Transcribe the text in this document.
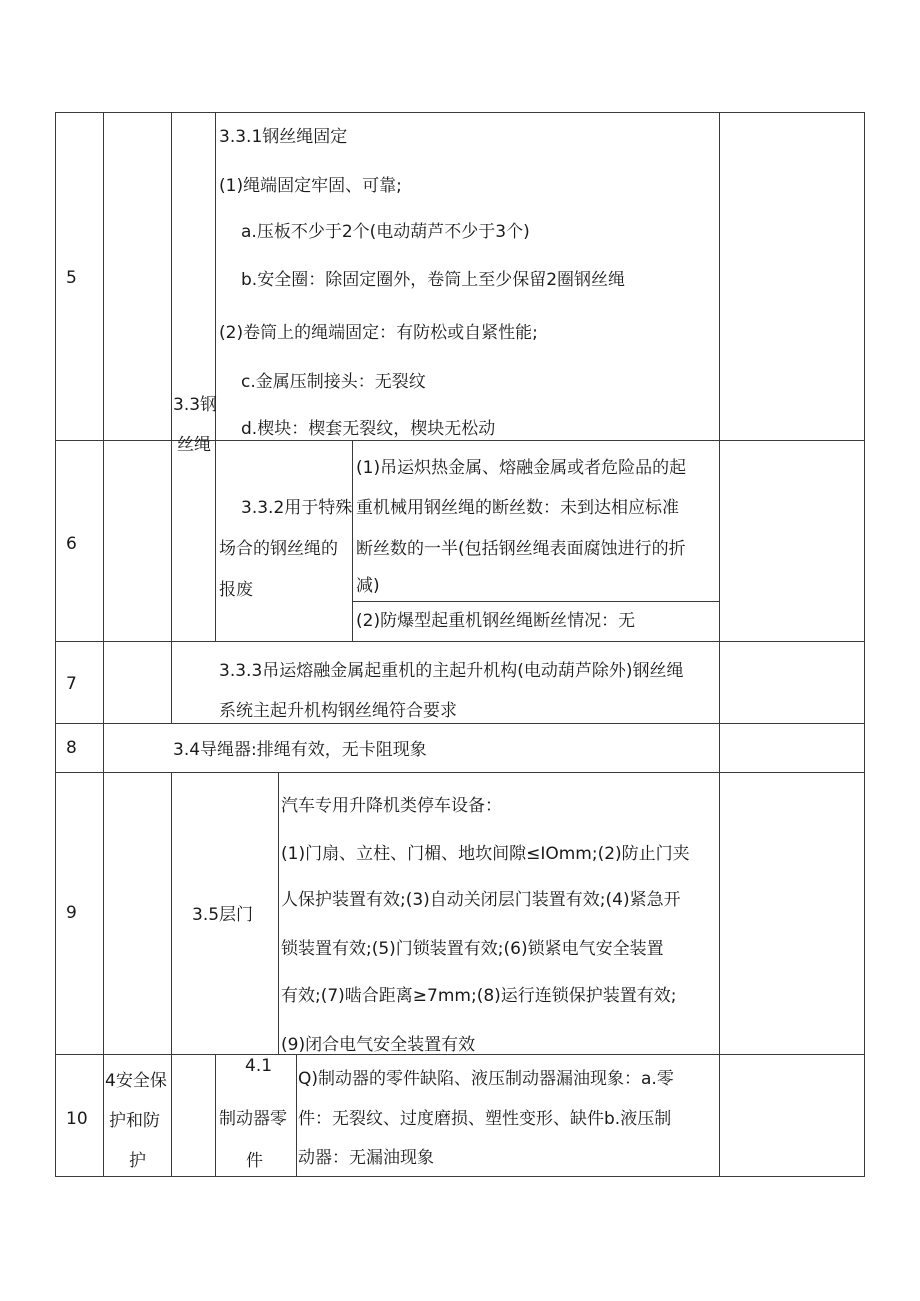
5
6
7
8
9
10
3.3钢
丝绳
3.3.1钢丝绳固定
(1)绳端固定牢固、可靠;
a.压板不少于2个(电动葫芦不少于3个)
b.安全圈：除固定圈外，卷筒上至少保留2圈钢丝绳
(2)卷筒上的绳端固定：有防松或自紧性能;
c.金属压制接头：无裂纹
d.楔块：楔套无裂纹，楔块无松动
3.3.2用于特殊
场合的钢丝绳的
报废
(1)吊运炽热金属、熔融金属或者危险品的起
重机械用钢丝绳的断丝数：未到达相应标准
断丝数的一半(包括钢丝绳表面腐蚀进行的折
减)
(2)防爆型起重机钢丝绳断丝情况：无
3.3.3吊运熔融金属起重机的主起升机构(电动葫芦除外)钢丝绳
系统主起升机构钢丝绳符合要求
3.4导绳器:排绳有效，无卡阻现象
3.5层门
汽车专用升降机类停车设备：
(1)门扇、立柱、门楣、地坎间隙≤IOmm;(2)防止门夹
人保护装置有效;(3)自动关闭层门装置有效;(4)紧急开
锁装置有效;(5)门锁装置有效;(6)锁紧电气安全装置
有效;(7)啮合距离≥7mm;(8)运行连锁保护装置有效;
(9)闭合电气安全装置有效
4安全保
护和防
护
4.1
制动器零
件
Q)制动器的零件缺陷、液压制动器漏油现象：a.零
件：无裂纹、过度磨损、塑性变形、缺件b.液压制
动器：无漏油现象
